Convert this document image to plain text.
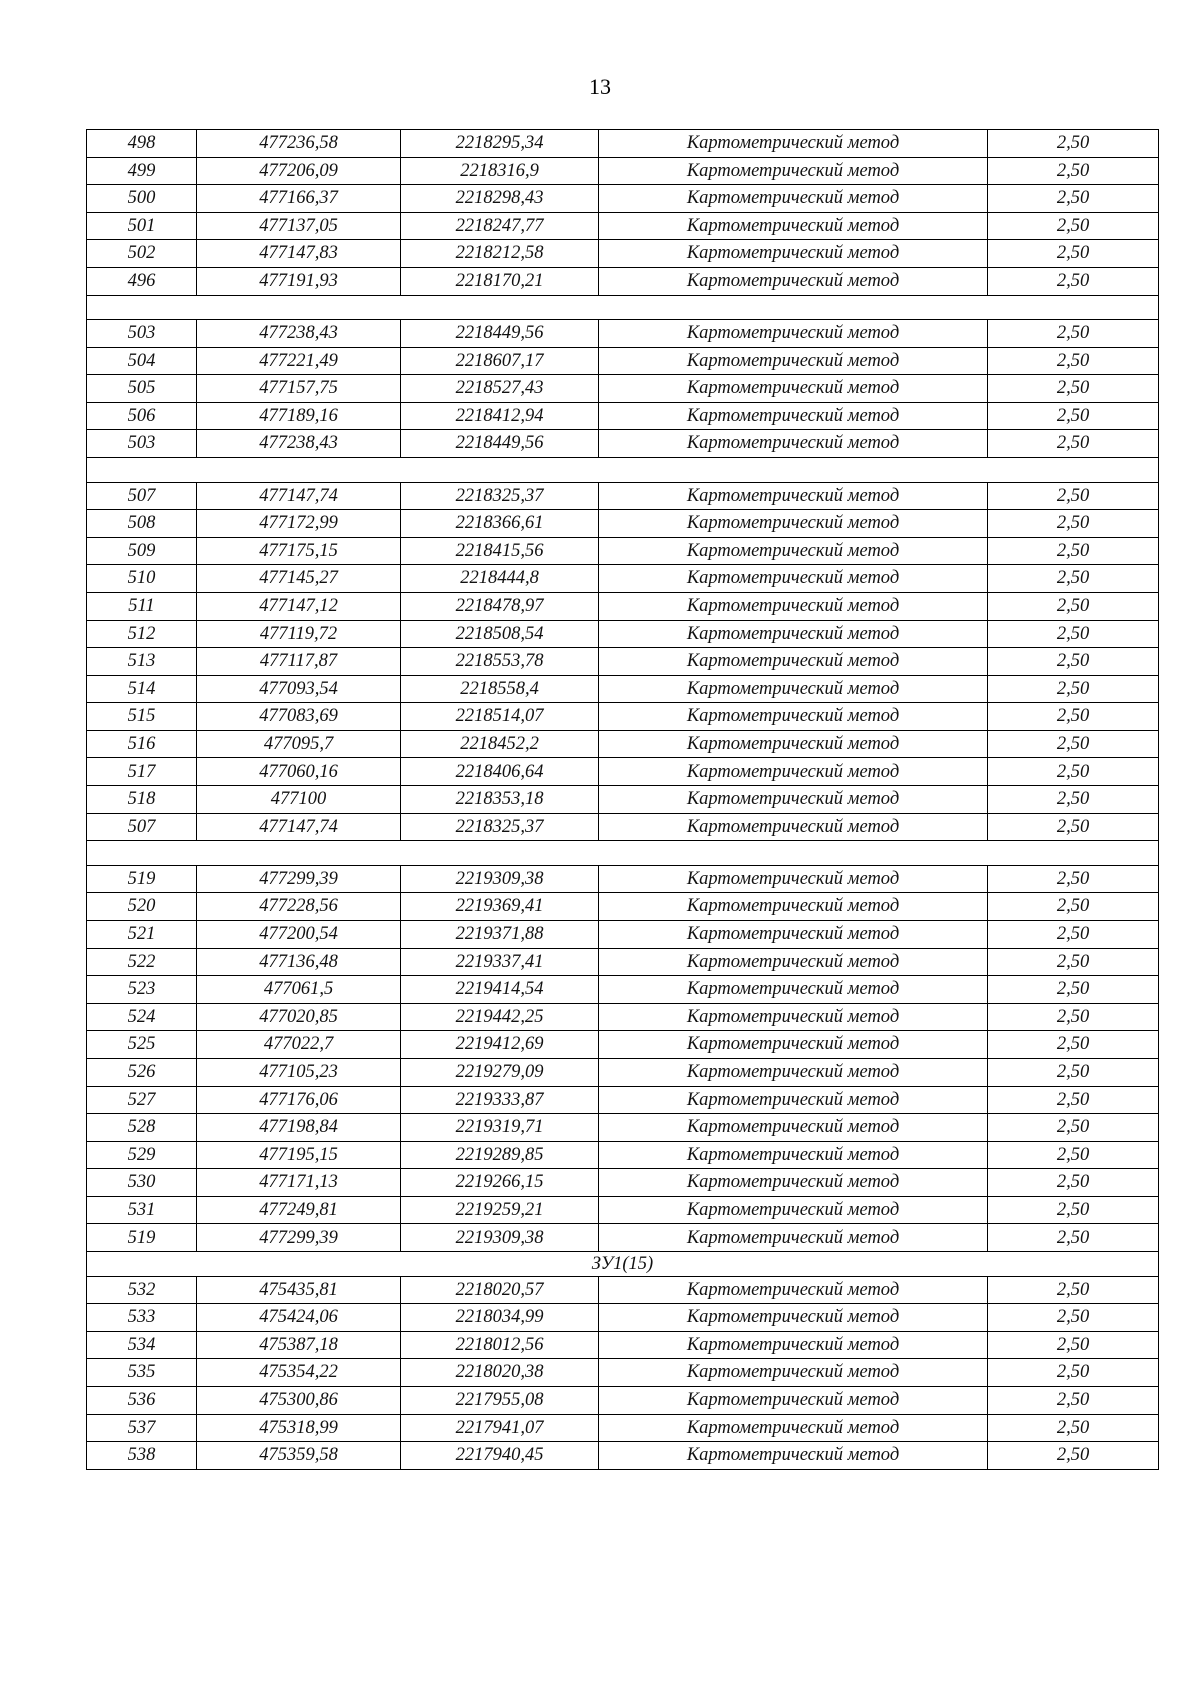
13
498	477236,58	2218295,34	Картометрический метод	2,50
499	477206,09	2218316,9	Картометрический метод	2,50
500	477166,37	2218298,43	Картометрический метод	2,50
501	477137,05	2218247,77	Картометрический метод	2,50
502	477147,83	2218212,58	Картометрический метод	2,50
496	477191,93	2218170,21	Картометрический метод	2,50

503	477238,43	2218449,56	Картометрический метод	2,50
504	477221,49	2218607,17	Картометрический метод	2,50
505	477157,75	2218527,43	Картометрический метод	2,50
506	477189,16	2218412,94	Картометрический метод	2,50
503	477238,43	2218449,56	Картометрический метод	2,50

507	477147,74	2218325,37	Картометрический метод	2,50
508	477172,99	2218366,61	Картометрический метод	2,50
509	477175,15	2218415,56	Картометрический метод	2,50
510	477145,27	2218444,8	Картометрический метод	2,50
511	477147,12	2218478,97	Картометрический метод	2,50
512	477119,72	2218508,54	Картометрический метод	2,50
513	477117,87	2218553,78	Картометрический метод	2,50
514	477093,54	2218558,4	Картометрический метод	2,50
515	477083,69	2218514,07	Картометрический метод	2,50
516	477095,7	2218452,2	Картометрический метод	2,50
517	477060,16	2218406,64	Картометрический метод	2,50
518	477100	2218353,18	Картометрический метод	2,50
507	477147,74	2218325,37	Картометрический метод	2,50

519	477299,39	2219309,38	Картометрический метод	2,50
520	477228,56	2219369,41	Картометрический метод	2,50
521	477200,54	2219371,88	Картометрический метод	2,50
522	477136,48	2219337,41	Картометрический метод	2,50
523	477061,5	2219414,54	Картометрический метод	2,50
524	477020,85	2219442,25	Картометрический метод	2,50
525	477022,7	2219412,69	Картометрический метод	2,50
526	477105,23	2219279,09	Картометрический метод	2,50
527	477176,06	2219333,87	Картометрический метод	2,50
528	477198,84	2219319,71	Картометрический метод	2,50
529	477195,15	2219289,85	Картометрический метод	2,50
530	477171,13	2219266,15	Картометрический метод	2,50
531	477249,81	2219259,21	Картометрический метод	2,50
519	477299,39	2219309,38	Картометрический метод	2,50
ЗУ1(15)				
532	475435,81	2218020,57	Картометрический метод	2,50
533	475424,06	2218034,99	Картометрический метод	2,50
534	475387,18	2218012,56	Картометрический метод	2,50
535	475354,22	2218020,38	Картометрический метод	2,50
536	475300,86	2217955,08	Картометрический метод	2,50
537	475318,99	2217941,07	Картометрический метод	2,50
538	475359,58	2217940,45	Картометрический метод	2,50
